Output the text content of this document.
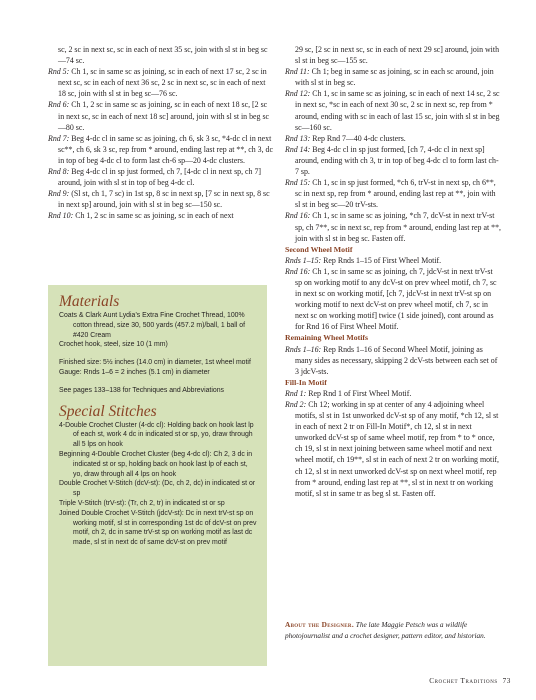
sc, 2 sc in next sc, sc in each of next 35 sc, join with sl st in beg sc—74 sc.

Rnd 5: Ch 1, sc in same sc as joining, sc in each of next 17 sc, 2 sc in next sc, sc in each of next 36 sc, 2 sc in next sc, sc in each of next 18 sc, join with sl st in beg sc—76 sc.

Rnd 6: Ch 1, 2 sc in same sc as joining, sc in each of next 18 sc, [2 sc in next sc, sc in each of next 18 sc] around, join with sl st in beg sc—80 sc.

Rnd 7: Beg 4-dc cl in same sc as joining, ch 6, sk 3 sc, *4-dc cl in next sc**, ch 6, sk 3 sc, rep from * around, ending last rep at **, ch 3, dc in top of beg 4-dc cl to form last ch-6 sp—20 4-dc clusters.

Rnd 8: Beg 4-dc cl in sp just formed, ch 7, [4-dc cl in next sp, ch 7] around, join with sl st in top of beg 4-dc cl.

Rnd 9: (Sl st, ch 1, 7 sc) in 1st sp, 8 sc in next sp, [7 sc in next sp, 8 sc in next sp] around, join with sl st in beg sc—150 sc.

Rnd 10: Ch 1, 2 sc in same sc as joining, sc in each of next

Materials

Coats & Clark Aunt Lydia’s Extra Fine Crochet Thread, 100% cotton thread, size 30, 500 yards (457.2 m)/ball, 1 ball of #420 Cream

Crochet hook, steel, size 10 (1 mm)

Finished size: 5½ inches (14.0 cm) in diameter, 1st wheel motif

Gauge: Rnds 1–6 = 2 inches (5.1 cm) in diameter

See pages 133–138 for Techniques and Abbreviations

Special Stitches

4-Double Crochet Cluster (4-dc cl): Holding back on hook last lp of each st, work 4 dc in indicated st or sp, yo, draw through all 5 lps on hook

Beginning 4-Double Crochet Cluster (beg 4-dc cl): Ch 2, 3 dc in indicated st or sp, holding back on hook last lp of each st, yo, draw through all 4 lps on hook

Double Crochet V-Stitch (dcV-st): (Dc, ch 2, dc) in indicated st or sp

Triple V-Stitch (trV-st): (Tr, ch 2, tr) in indicated st or sp

Joined Double Crochet V-Stitch (jdcV-st): Dc in next trV-st sp on working motif, sl st in corresponding 1st dc of dcV-st on prev motif, ch 2, dc in same trV-st sp on working motif as last dc made, sl st in next dc of same dcV-st on prev motif

29 sc, [2 sc in next sc, sc in each of next 29 sc] around, join with sl st in beg sc—155 sc.

Rnd 11: Ch 1; beg in same sc as joining, sc in each sc around, join with sl st in beg sc.

Rnd 12: Ch 1, sc in same sc as joining, sc in each of next 14 sc, 2 sc in next sc, *sc in each of next 30 sc, 2 sc in next sc, rep from * around, ending with sc in each of last 15 sc, join with sl st in beg sc—160 sc.

Rnd 13: Rep Rnd 7—40 4-dc clusters.

Rnd 14: Beg 4-dc cl in sp just formed, [ch 7, 4-dc cl in next sp] around, ending with ch 3, tr in top of beg 4-dc cl to form last ch-7 sp.

Rnd 15: Ch 1, sc in sp just formed, *ch 6, trV-st in next sp, ch 6**, sc in next sp, rep from * around, ending last rep at **, join with sl st in beg sc—20 trV-sts.

Rnd 16: Ch 1, sc in same sc as joining, *ch 7, dcV-st in next trV-st sp, ch 7**, sc in next sc, rep from * around, ending last rep at **, join with sl st in beg sc. Fasten off.

Second Wheel Motif

Rnds 1–15: Rep Rnds 1–15 of First Wheel Motif.

Rnd 16: Ch 1, sc in same sc as joining, ch 7, jdcV-st in next trV-st sp on working motif to any dcV-st on prev wheel motif, ch 7, sc in next sc on working motif, [ch 7, jdcV-st in next trV-st sp on working motif to next dcV-st on prev wheel motif, ch 7, sc in next sc on working motif] twice (1 side joined), cont around as for Rnd 16 of First Wheel Motif.

Remaining Wheel Motifs

Rnds 1–16: Rep Rnds 1–16 of Second Wheel Motif, joining as many sides as necessary, skipping 2 dcV-sts between each set of 3 jdcV-sts.

Fill-In Motif

Rnd 1: Rep Rnd 1 of First Wheel Motif.

Rnd 2: Ch 12; working in sp at center of any 4 adjoining wheel motifs, sl st in 1st unworked dcV-st sp of any motif, *ch 12, sl st in each of next 2 tr on Fill-In Motif*, ch 12, sl st in next unworked dcV-st sp of same wheel motif, rep from * to * once, ch 19, sl st in next joining between same wheel motif and next wheel motif, ch 19**, sl st in each of next 2 tr on working motif, ch 12, sl st in next unworked dcV-st sp on next wheel motif, rep from * around, ending last rep at **, sl st in next tr on working motif, sl st in same tr as beg sl st. Fasten off.

About the Designer. The late Maggie Petsch was a wildlife photojournalist and a crochet designer, pattern editor, and historian.

Crochet Traditions 73
